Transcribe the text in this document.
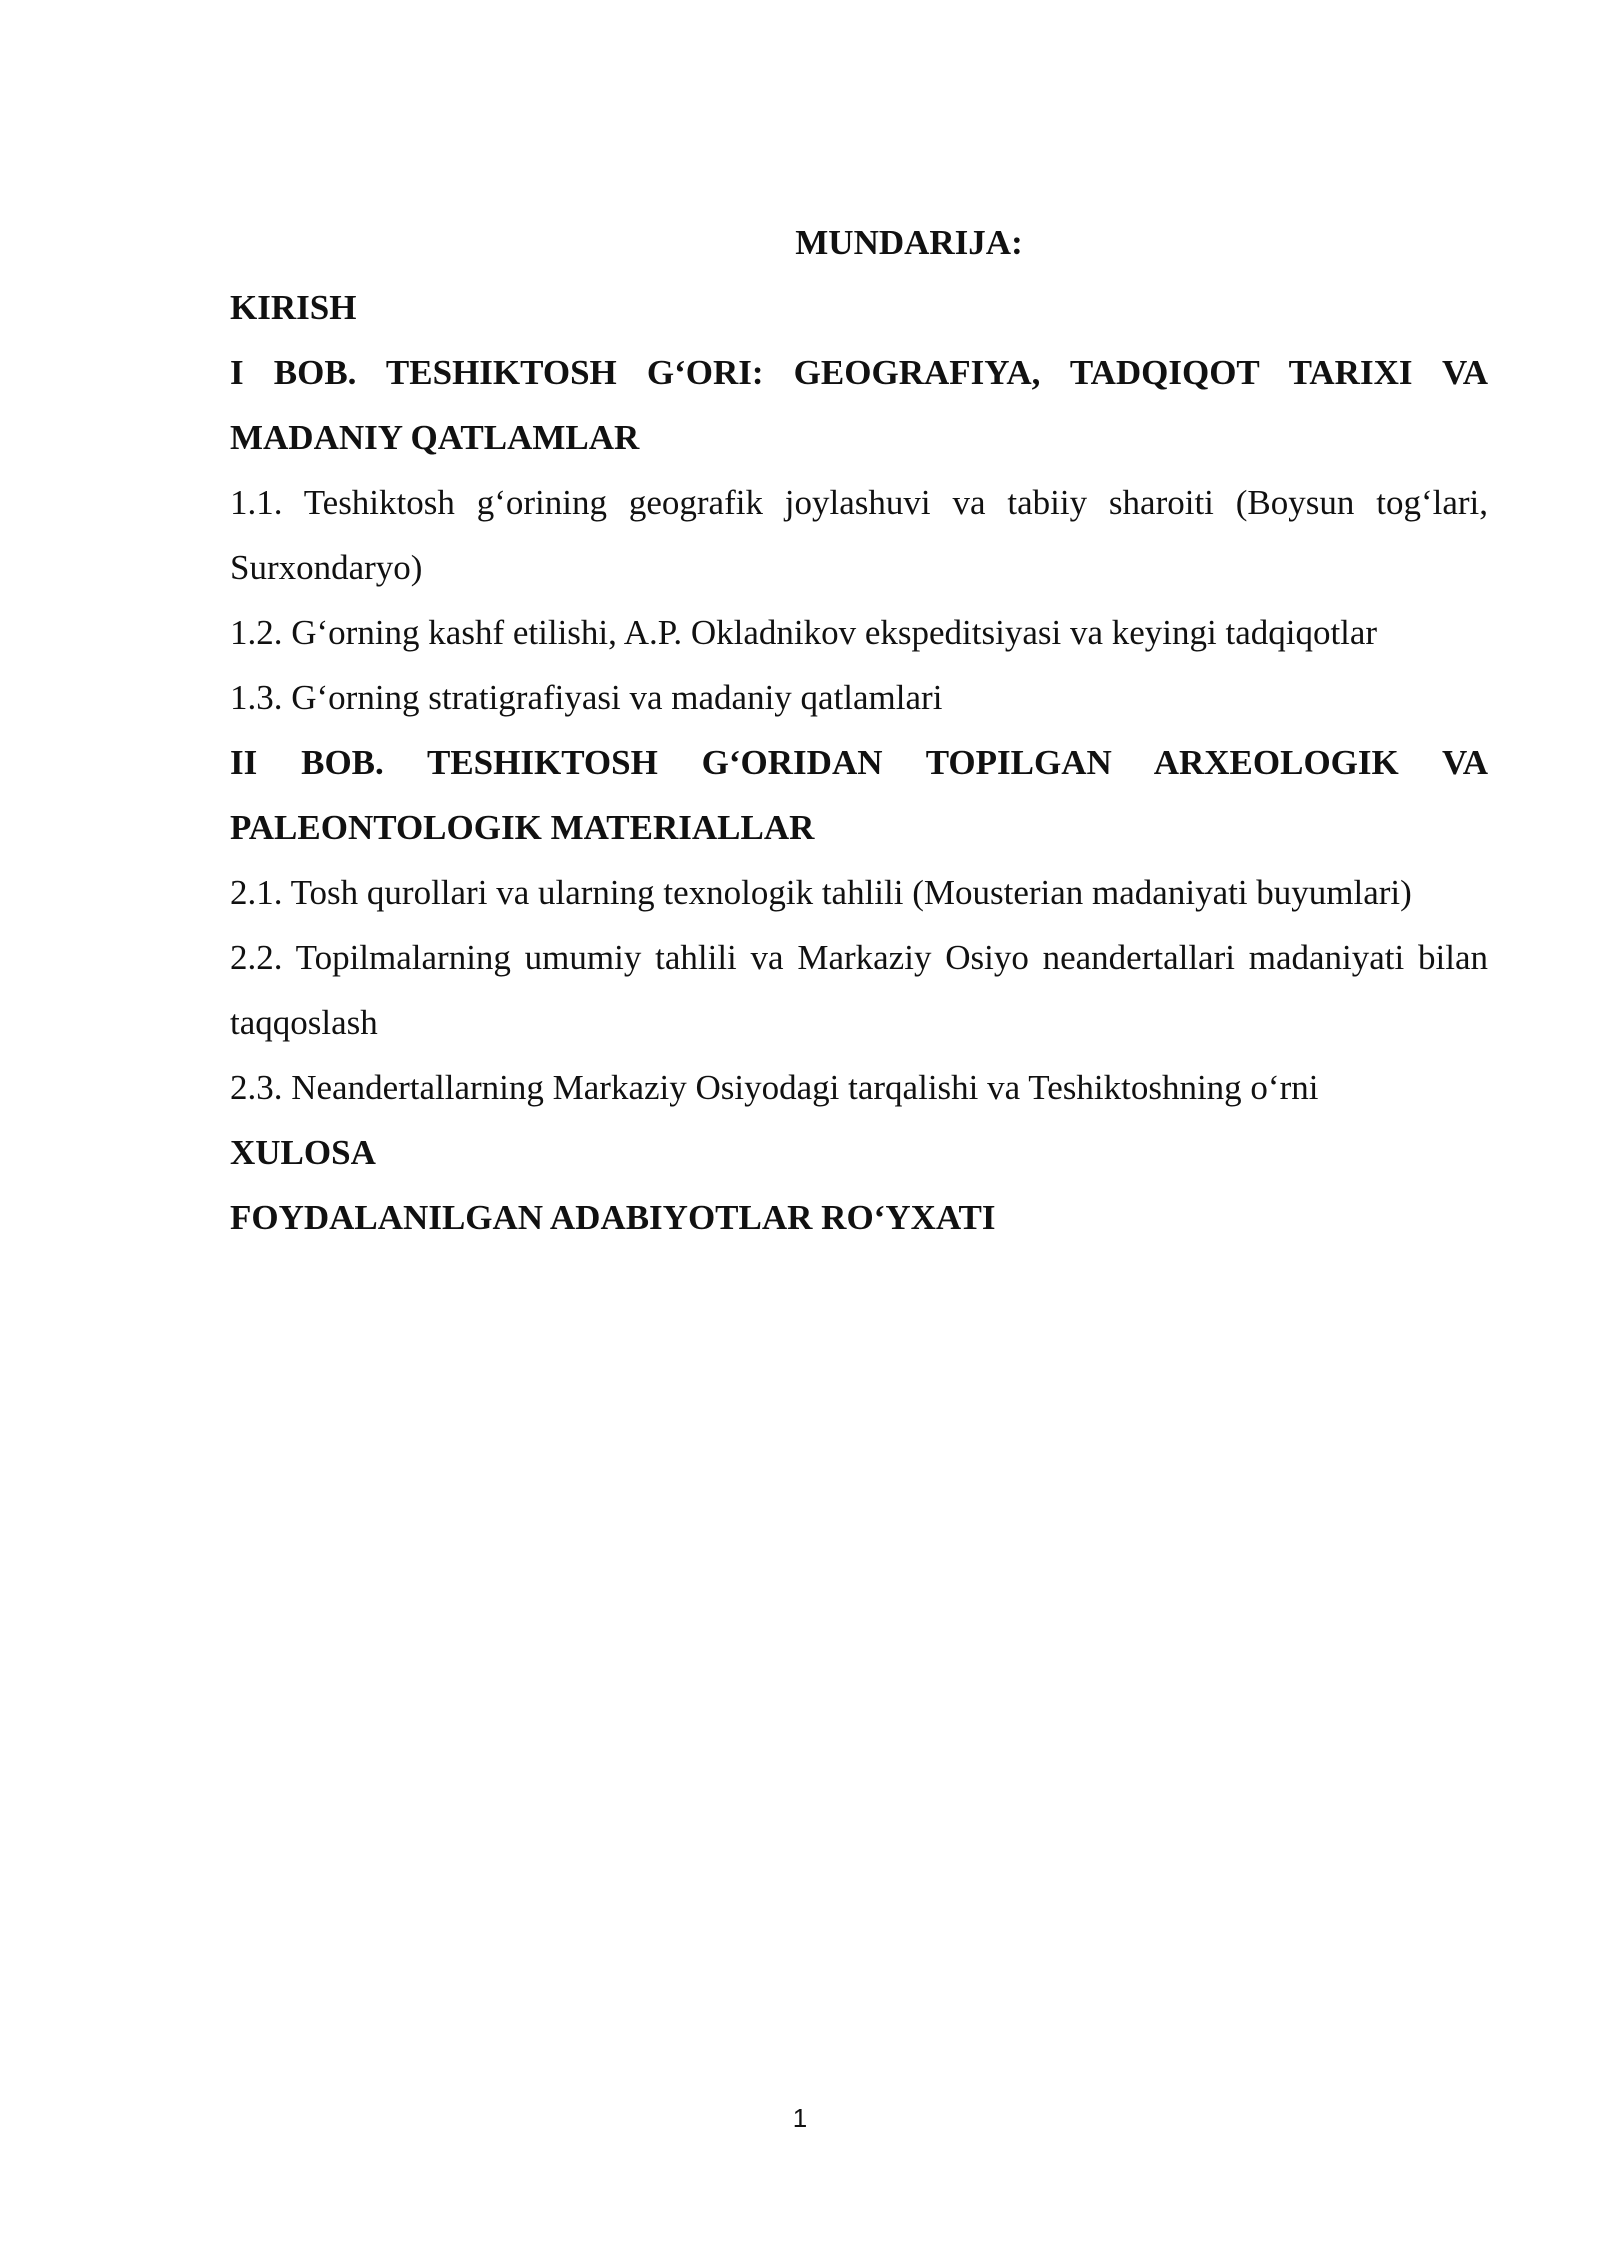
MUNDARIJA:

KIRISH

I BOB. TESHIKTOSH G‘ORI: GEOGRAFIYA, TADQIQOT TARIXI VA MADANIY QATLAMLAR

1.1. Teshiktosh g‘orining geografik joylashuvi va tabiiy sharoiti (Boysun tog‘lari, Surxondaryo)

1.2. G‘orning kashf etilishi, A.P. Okladnikov ekspeditsiyasi va keyingi tadqiqotlar

1.3. G‘orning stratigrafiyasi va madaniy qatlamlari

II BOB. TESHIKTOSH G‘ORIDAN TOPILGAN ARXEOLOGIK VA PALEONTOLOGIK MATERIALLAR

2.1. Tosh qurollari va ularning texnologik tahlili (Mousterian madaniyati buyumlari)

2.2. Topilmalarning umumiy tahlili va Markaziy Osiyo neandertallari madaniyati bilan taqqoslash

2.3. Neandertallarning Markaziy Osiyodagi tarqalishi va Teshiktoshning o‘rni

XULOSA

FOYDALANILGAN ADABIYOTLAR RO‘YXATI

1
